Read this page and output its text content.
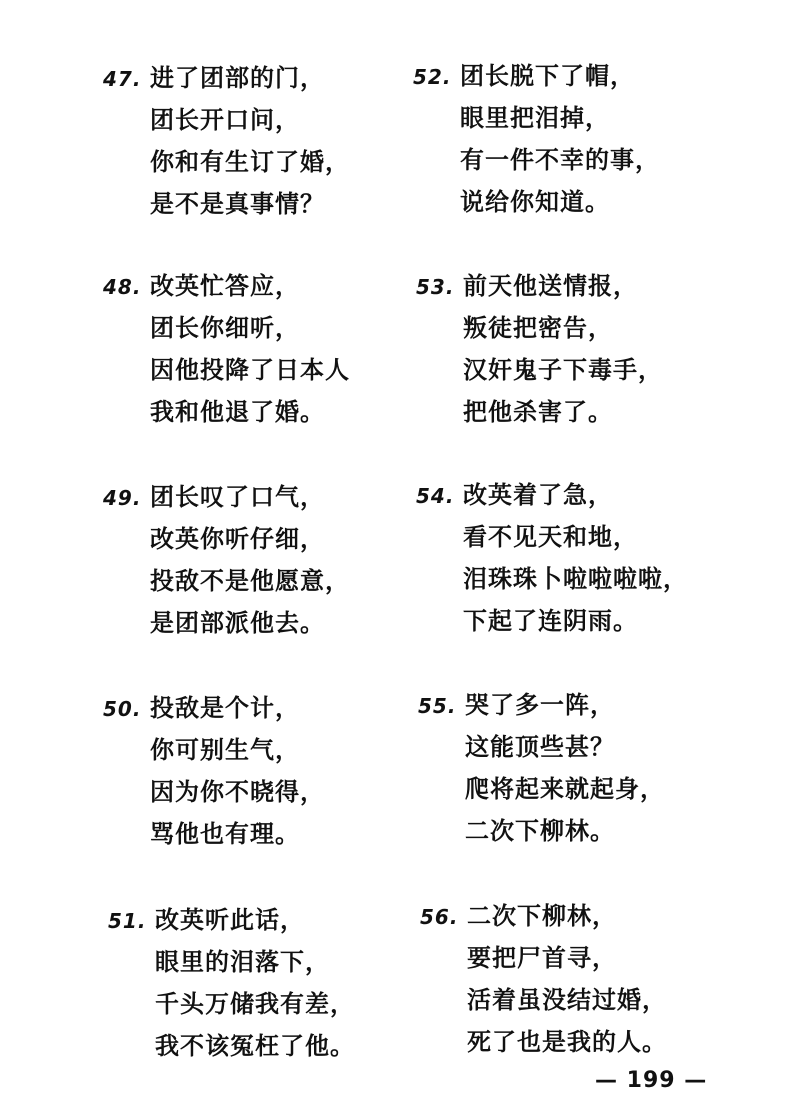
47. 进了团部的门，
团长开口问，
你和有生订了婚，
是不是真事情？
48. 改英忙答应，
团长你细听，
因他投降了日本人
我和他退了婚。
49. 团长叹了口气，
改英你听仔细，
投敌不是他愿意，
是团部派他去。
50. 投敌是个计，
你可别生气，
因为你不晓得，
骂他也有理。
51. 改英听此话，
眼里的泪落下，
千头万储我有差，
我不该冤枉了他。
52. 团长脱下了帽，
眼里把泪掉，
有一件不幸的事，
说给你知道。
53. 前天他送情报，
叛徒把密告，
汉奸鬼子下毒手，
把他杀害了。
54. 改英着了急，
看不见天和地，
泪珠珠卜啦啦啦啦，
下起了连阴雨。
55. 哭了多一阵，
这能顶些甚？
爬将起来就起身，
二次下柳林。
56. 二次下柳林，
要把尸首寻，
活着虽没结过婚，
死了也是我的人。
— 199 —
